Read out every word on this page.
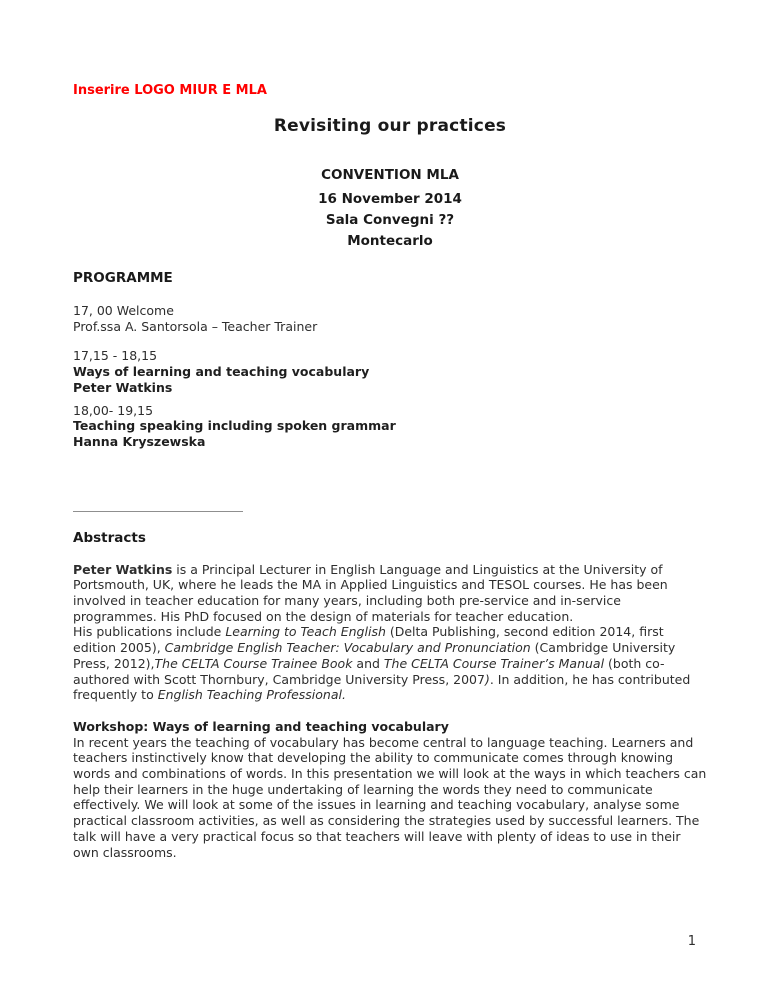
Inserire LOGO MIUR E MLA
Revisiting our practices

CONVENTION MLA

16 November 2014

Sala Convegni ??

Montecarlo

PROGRAMME

17, 00 Welcome

Prof.ssa A. Santorsola – Teacher Trainer

17,15 - 18,15

Ways of learning and teaching vocabulary

Peter Watkins

18,00- 19,15

Teaching speaking including spoken grammar

Hanna Kryszewska

Abstracts

Peter Watkins is a Principal Lecturer in English Language and Linguistics at the University of Portsmouth, UK, where he leads the MA in Applied Linguistics and TESOL courses. He has been involved in teacher education for many years, including both pre-service and in-service programmes. His PhD focused on the design of materials for teacher education.
His publications include Learning to Teach English (Delta Publishing, second edition 2014, first edition 2005), Cambridge English Teacher: Vocabulary and Pronunciation (Cambridge University Press, 2012),The CELTA Course Trainee Book and The CELTA Course Trainer’s Manual (both co-authored with Scott Thornbury, Cambridge University Press, 2007). In addition, he has contributed frequently to English Teaching Professional.

Workshop: Ways of learning and teaching vocabulary

In recent years the teaching of vocabulary has become central to language teaching. Learners and teachers instinctively know that developing the ability to communicate comes through knowing words and combinations of words. In this presentation we will look at the ways in which teachers can help their learners in the huge undertaking of learning the words they need to communicate effectively. We will look at some of the issues in learning and teaching vocabulary, analyse some practical classroom activities, as well as considering the strategies used by successful learners. The talk will have a very practical focus so that teachers will leave with plenty of ideas to use in their own classrooms.

1
